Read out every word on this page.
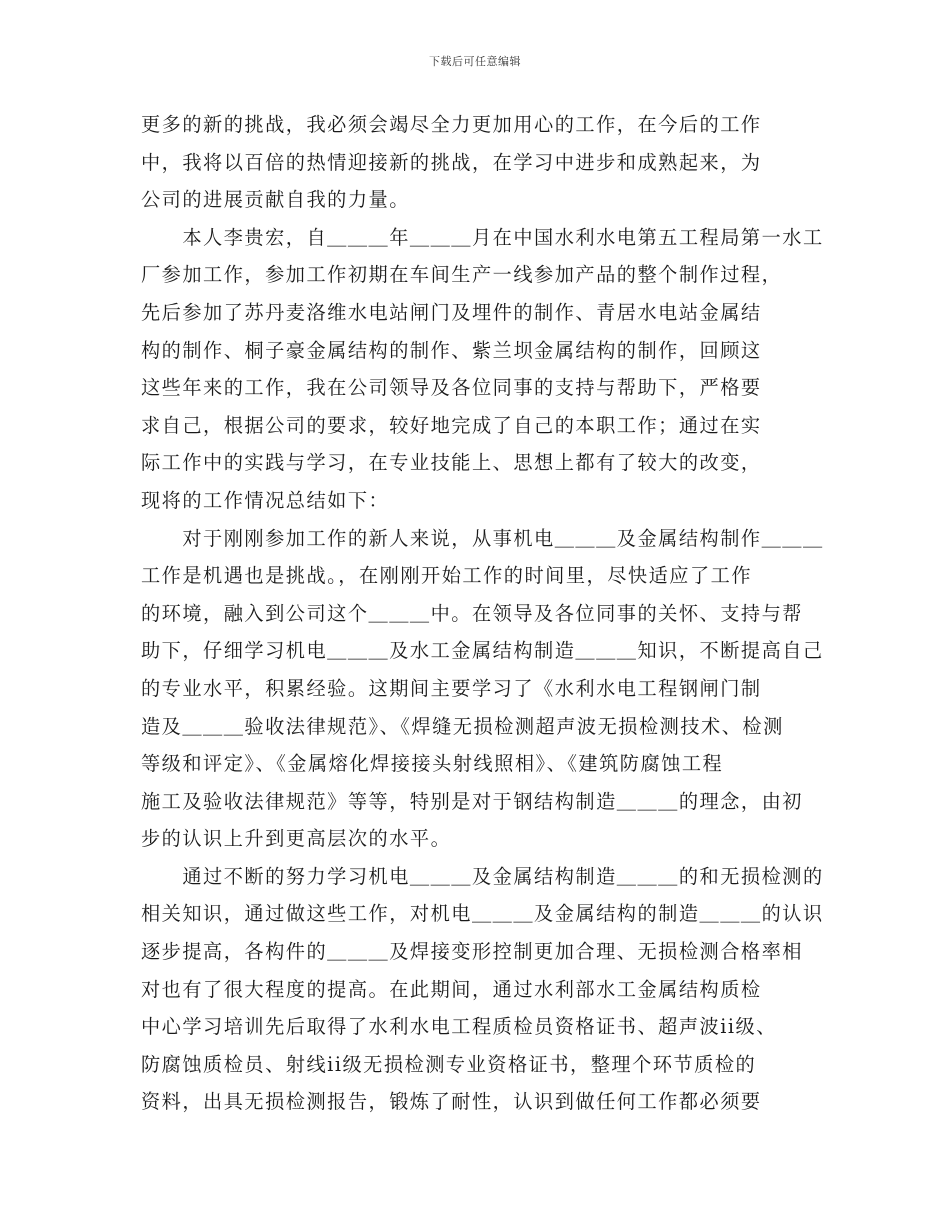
下载后可任意编辑
更多的新的挑战，我必须会竭尽全力更加用心的工作，在今后的工作
中，我将以百倍的热情迎接新的挑战，在学习中进步和成熟起来，为
公司的进展贡献自我的力量。
　　本人李贵宏，自＿＿＿年＿＿＿月在中国水利水电第五工程局第一水工
厂参加工作，参加工作初期在车间生产一线参加产品的整个制作过程，
先后参加了苏丹麦洛维水电站闸门及埋件的制作、青居水电站金属结
构的制作、桐子豪金属结构的制作、紫兰坝金属结构的制作，回顾这
这些年来的工作，我在公司领导及各位同事的支持与帮助下，严格要
求自己，根据公司的要求，较好地完成了自己的本职工作；通过在实
际工作中的实践与学习，在专业技能上、思想上都有了较大的改变，
现将的工作情况总结如下：
　　对于刚刚参加工作的新人来说，从事机电＿＿＿及金属结构制作＿＿＿
工作是机遇也是挑战。，在刚刚开始工作的时间里，尽快适应了工作
的环境，融入到公司这个＿＿＿中。在领导及各位同事的关怀、支持与帮
助下，仔细学习机电＿＿＿及水工金属结构制造＿＿＿知识，不断提高自己
的专业水平，积累经验。这期间主要学习了《水利水电工程钢闸门制
造及＿＿＿验收法律规范》、《焊缝无损检测超声波无损检测技术、检测
等级和评定》、《金属熔化焊接接头射线照相》、《建筑防腐蚀工程
施工及验收法律规范》等等，特别是对于钢结构制造＿＿＿的理念，由初
步的认识上升到更高层次的水平。
　　通过不断的努力学习机电＿＿＿及金属结构制造＿＿＿的和无损检测的
相关知识，通过做这些工作，对机电＿＿＿及金属结构的制造＿＿＿的认识
逐步提高，各构件的＿＿＿及焊接变形控制更加合理、无损检测合格率相
对也有了很大程度的提高。在此期间，通过水利部水工金属结构质检
中心学习培训先后取得了水利水电工程质检员资格证书、超声波ii级、
防腐蚀质检员、射线ii级无损检测专业资格证书，整理个环节质检的
资料，出具无损检测报告，锻炼了耐性，认识到做任何工作都必须要
